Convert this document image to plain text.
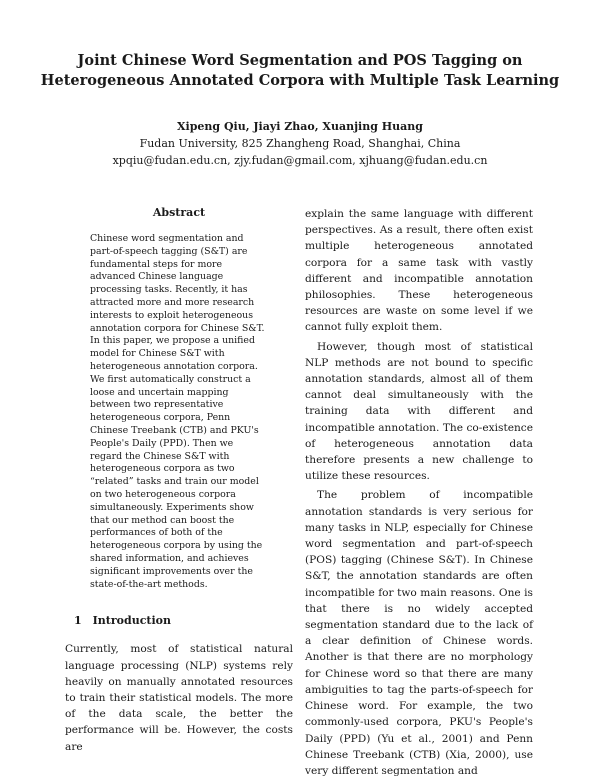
Joint Chinese Word Segmentation and POS Tagging on
Heterogeneous Annotated Corpora with Multiple Task Learning
Xipeng Qiu, Jiayi Zhao, Xuanjing Huang
Fudan University, 825 Zhangheng Road, Shanghai, China
xpqiu@fudan.edu.cn, zjy.fudan@gmail.com, xjhuang@fudan.edu.cn
Abstract
Chinese word segmentation and part-of-speech tagging (S&T) are fundamental steps for more advanced Chinese language processing tasks. Recently, it has attracted more and more research interests to exploit heterogeneous annotation corpora for Chinese S&T. In this paper, we propose a unified model for Chinese S&T with heterogeneous annotation corpora. We first automatically construct a loose and uncertain mapping between two representative heterogeneous corpora, Penn Chinese Treebank (CTB) and PKU's People's Daily (PPD). Then we regard the Chinese S&T with heterogeneous corpora as two “related” tasks and train our model on two heterogeneous corpora simultaneously. Experiments show that our method can boost the performances of both of the heterogeneous corpora by using the shared information, and achieves significant improvements over the state-of-the-art methods.
1 Introduction

Currently, most of statistical natural language processing (NLP) systems rely heavily on manually annotated resources to train their statistical models. The more of the data scale, the better the performance will be. However, the costs are

explain the same language with different perspectives. As a result, there often exist multiple heterogeneous annotated corpora for a same task with vastly different and incompatible annotation philosophies. These heterogeneous resources are waste on some level if we cannot fully exploit them.

However, though most of statistical NLP methods are not bound to specific annotation standards, almost all of them cannot deal simultaneously with the training data with different and incompatible annotation. The co-existence of heterogeneous annotation data therefore presents a new challenge to utilize these resources.

The problem of incompatible annotation standards is very serious for many tasks in NLP, especially for Chinese word segmentation and part-of-speech (POS) tagging (Chinese S&T). In Chinese S&T, the annotation standards are often incompatible for two main reasons. One is that there is no widely accepted segmentation standard due to the lack of a clear definition of Chinese words. Another is that there are no morphology for Chinese word so that there are many ambiguities to tag the parts-of-speech for Chinese word. For example, the two commonly-used corpora, PKU's People's Daily (PPD) (Yu et al., 2001) and Penn Chinese Treebank (CTB) (Xia, 2000), use very different segmentation and
